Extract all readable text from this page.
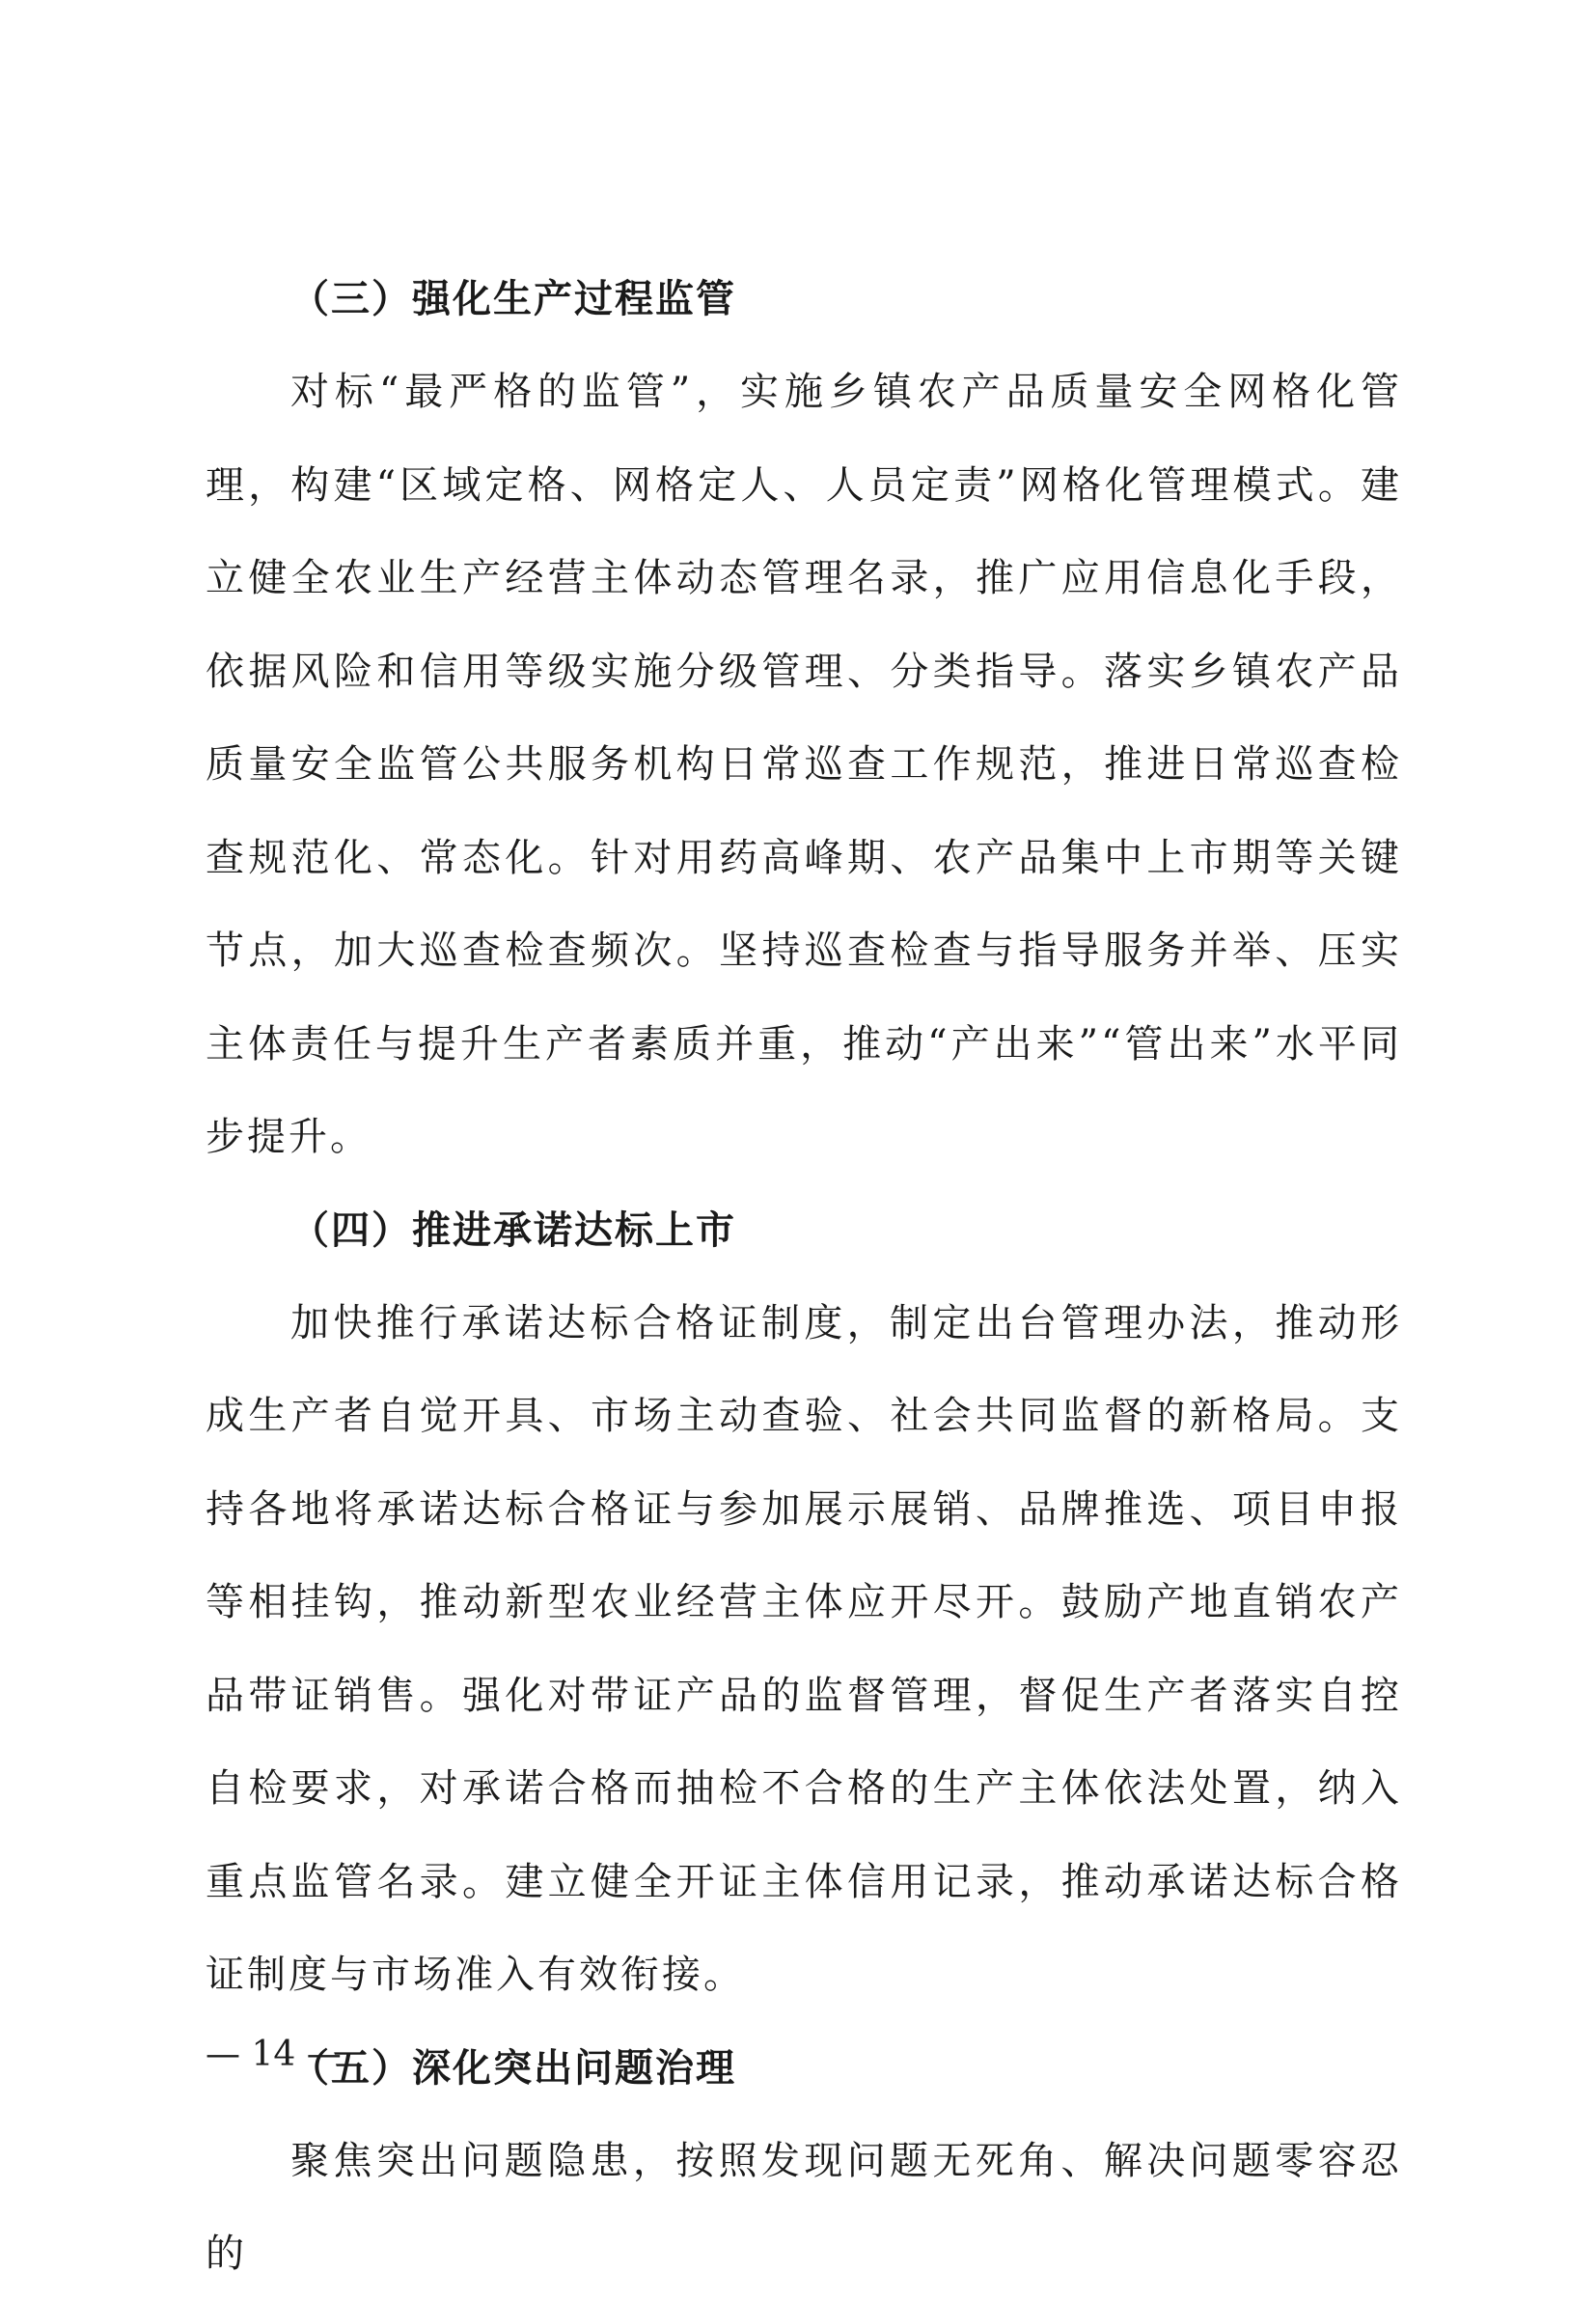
（三）强化生产过程监管

对标“最严格的监管”，实施乡镇农产品质量安全网格化管理，构建“区域定格、网格定人、人员定责”网格化管理模式。建立健全农业生产经营主体动态管理名录，推广应用信息化手段，依据风险和信用等级实施分级管理、分类指导。落实乡镇农产品质量安全监管公共服务机构日常巡查工作规范，推进日常巡查检查规范化、常态化。针对用药高峰期、农产品集中上市期等关键节点，加大巡查检查频次。坚持巡查检查与指导服务并举、压实主体责任与提升生产者素质并重，推动“产出来”“管出来”水平同步提升。

（四）推进承诺达标上市

加快推行承诺达标合格证制度，制定出台管理办法，推动形成生产者自觉开具、市场主动查验、社会共同监督的新格局。支持各地将承诺达标合格证与参加展示展销、品牌推选、项目申报等相挂钩，推动新型农业经营主体应开尽开。鼓励产地直销农产品带证销售。强化对带证产品的监督管理，督促生产者落实自控自检要求，对承诺合格而抽检不合格的生产主体依法处置，纳入重点监管名录。建立健全开证主体信用记录，推动承诺达标合格证制度与市场准入有效衔接。

（五）深化突出问题治理

聚焦突出问题隐患，按照发现问题无死角、解决问题零容忍的

— 14 —
